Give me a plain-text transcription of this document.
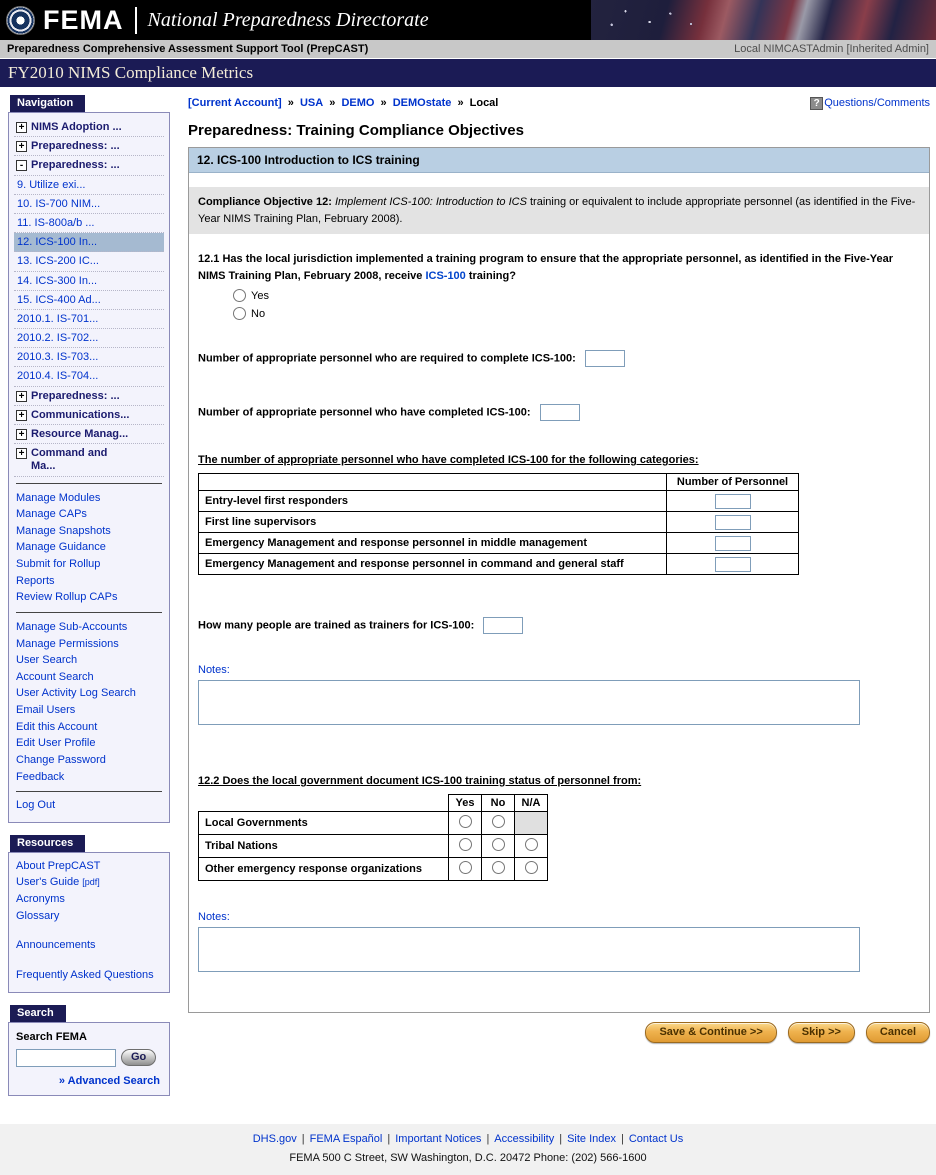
FEMA National Preparedness Directorate
Preparedness Comprehensive Assessment Support Tool (PrepCAST)	Local NIMCASTAdmin [Inherited Admin]
FY2010 NIMS Compliance Metrics
Navigation
+ NIMS Adoption ...
+ Preparedness: ...
- Preparedness: ...
9. Utilize exi...
10. IS-700 NIM...
11. IS-800a/b ...
12. ICS-100 In...
13. ICS-200 IC...
14. ICS-300 In...
15. ICS-400 Ad...
2010.1. IS-701...
2010.2. IS-702...
2010.3. IS-703...
2010.4. IS-704...
+ Preparedness: ...
+ Communications...
+ Resource Manag...
+ Command and Ma...
Manage Modules
Manage CAPs
Manage Snapshots
Manage Guidance
Submit for Rollup
Reports
Review Rollup CAPs
Manage Sub-Accounts
Manage Permissions
User Search
Account Search
User Activity Log Search
Email Users
Edit this Account
Edit User Profile
Change Password
Feedback
Log Out
Resources
About PrepCAST
User's Guide [pdf]
Acronyms
Glossary
Announcements
Frequently Asked Questions
Search
Search FEMA
Go
» Advanced Search
[Current Account] » USA » DEMO » DEMOstate » Local	? Questions/Comments
Preparedness: Training Compliance Objectives
12. ICS-100 Introduction to ICS training
Compliance Objective 12: Implement ICS-100: Introduction to ICS training or equivalent to include appropriate personnel (as identified in the Five-Year NIMS Training Plan, February 2008).
12.1 Has the local jurisdiction implemented a training program to ensure that the appropriate personnel, as identified in the Five-Year NIMS Training Plan, February 2008, receive ICS-100 training?
Yes
No
Number of appropriate personnel who are required to complete ICS-100:
Number of appropriate personnel who have completed ICS-100:
The number of appropriate personnel who have completed ICS-100 for the following categories:
	Number of Personnel
Entry-level first responders	
First line supervisors	
Emergency Management and response personnel in middle management	
Emergency Management and response personnel in command and general staff	
How many people are trained as trainers for ICS-100:
Notes:
12.2 Does the local government document ICS-100 training status of personnel from:
	Yes	No	N/A
Local Governments			
Tribal Nations			
Other emergency response organizations			
Notes:
Save & Continue >>	Skip >>	Cancel
DHS.gov | FEMA Español | Important Notices | Accessibility | Site Index | Contact Us
FEMA 500 C Street, SW Washington, D.C. 20472 Phone: (202) 566-1600
